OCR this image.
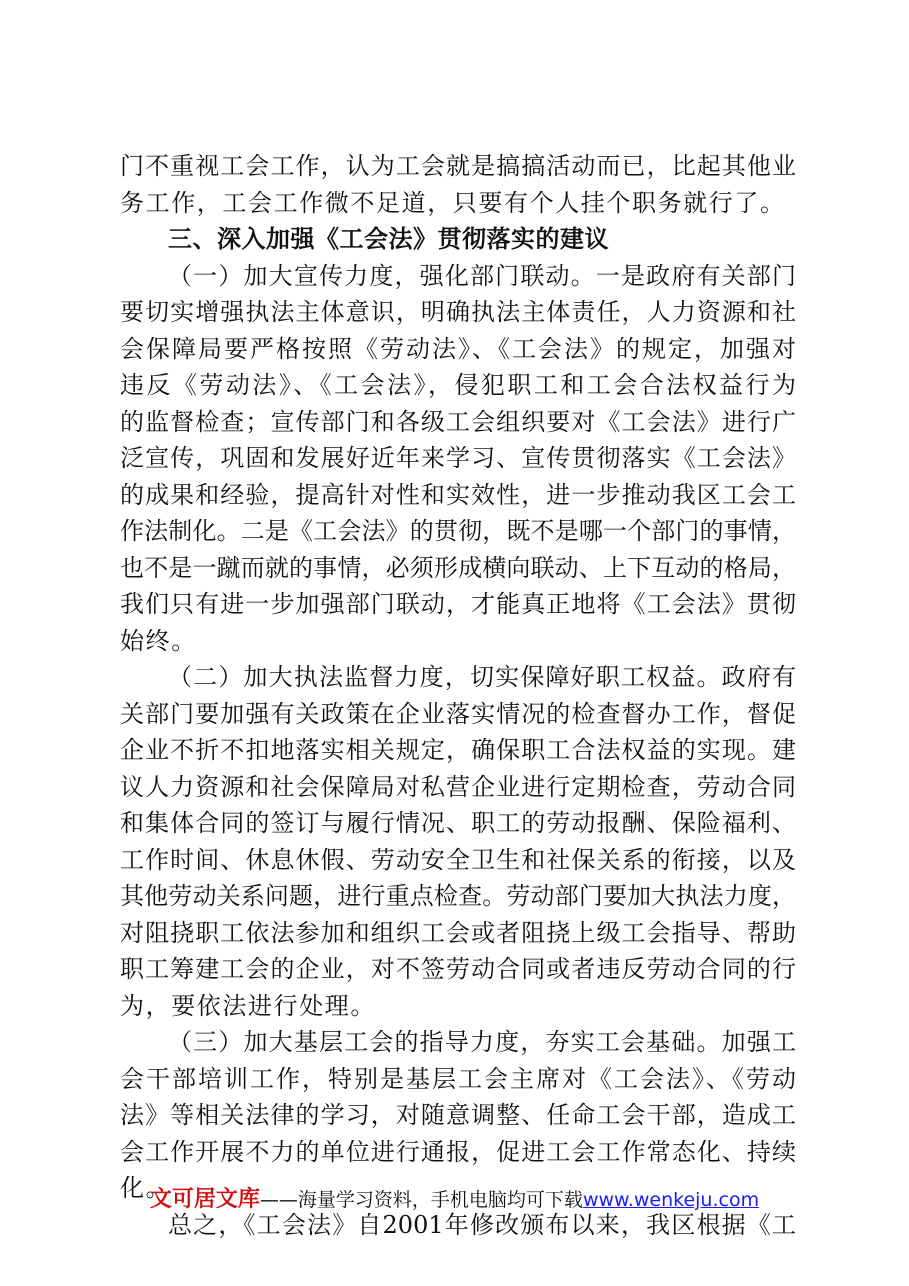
门不重视工会工作，认为工会就是搞搞活动而已，比起其他业
务工作，工会工作微不足道，只要有个人挂个职务就行了。
三、深入加强《工会法》贯彻落实的建议
（一）加大宣传力度，强化部门联动。一是政府有关部门
要切实增强执法主体意识，明确执法主体责任，人力资源和社
会保障局要严格按照《劳动法》、《工会法》的规定，加强对
违反《劳动法》、《工会法》，侵犯职工和工会合法权益行为
的监督检查；宣传部门和各级工会组织要对《工会法》进行广
泛宣传，巩固和发展好近年来学习、宣传贯彻落实《工会法》
的成果和经验，提高针对性和实效性，进一步推动我区工会工
作法制化。二是《工会法》的贯彻，既不是哪一个部门的事情，
也不是一蹴而就的事情，必须形成横向联动、上下互动的格局，
我们只有进一步加强部门联动，才能真正地将《工会法》贯彻
始终。
（二）加大执法监督力度，切实保障好职工权益。政府有
关部门要加强有关政策在企业落实情况的检查督办工作，督促
企业不折不扣地落实相关规定，确保职工合法权益的实现。建
议人力资源和社会保障局对私营企业进行定期检查，劳动合同
和集体合同的签订与履行情况、职工的劳动报酬、保险福利、
工作时间、休息休假、劳动安全卫生和社保关系的衔接，以及
其他劳动关系问题，进行重点检查。劳动部门要加大执法力度，
对阻挠职工依法参加和组织工会或者阻挠上级工会指导、帮助
职工筹建工会的企业，对不签劳动合同或者违反劳动合同的行
为，要依法进行处理。
（三）加大基层工会的指导力度，夯实工会基础。加强工
会干部培训工作，特别是基层工会主席对《工会法》、《劳动
法》等相关法律的学习，对随意调整、任命工会干部，造成工
会工作开展不力的单位进行通报，促进工会工作常态化、持续
化。
总之，《工会法》自2001年修改颁布以来，我区根据《工
文可居文库——海量学习资料，手机电脑均可下载www.wenkeju.com
